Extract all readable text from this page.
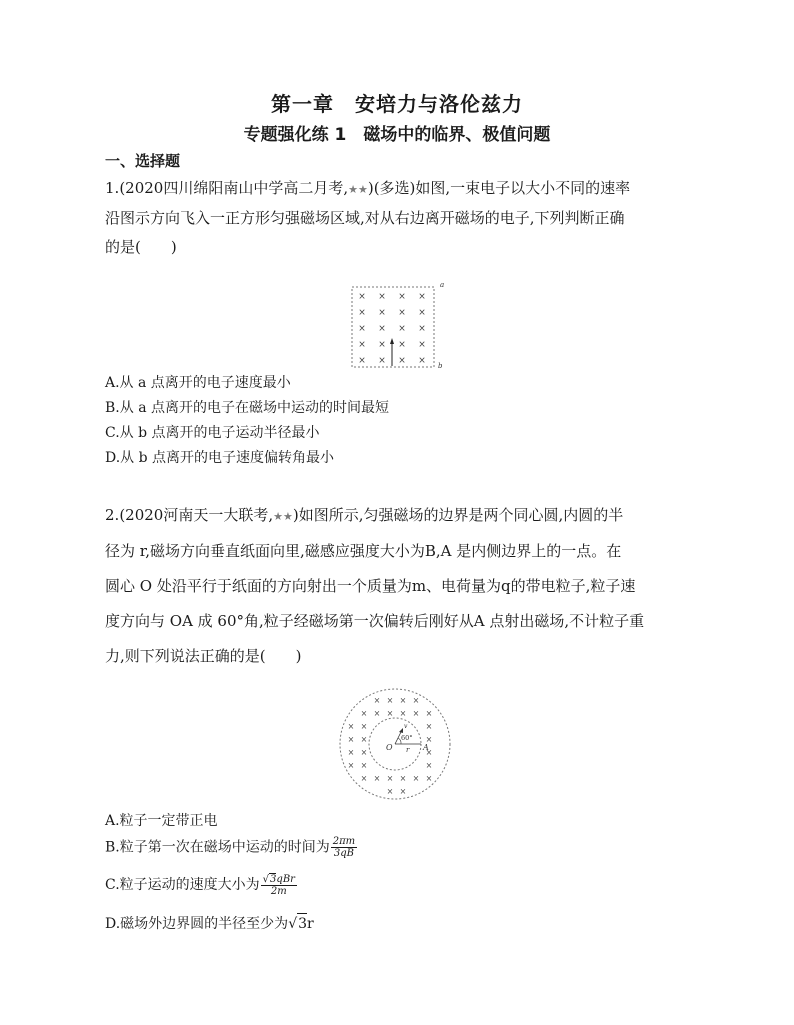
第一章　安培力与洛伦兹力
专题强化练 1　磁场中的临界、极值问题
一、选择题
1.(2020四川绵阳南山中学高二月考,★★)(多选)如图,一束电子以大小不同的速率
沿图示方向飞入一正方形匀强磁场区域,对从右边离开磁场的电子,下列判断正确
的是(　　)
× × × ×
× × × ×
× × × ×
× × × ×
× × × ×
a
b
A.从 a 点离开的电子速度最小
B.从 a 点离开的电子在磁场中运动的时间最短
C.从 b 点离开的电子运动半径最小
D.从 b 点离开的电子速度偏转角最小
2.(2020河南天一大联考,★★)如图所示,匀强磁场的边界是两个同心圆,内圆的半
径为 r,磁场方向垂直纸面向里,磁感应强度大小为B,A 是内侧边界上的一点。在
圆心 O 处沿平行于纸面的方向射出一个质量为m、电荷量为q的带电粒子,粒子速
度方向与 OA 成 60°角,粒子经磁场第一次偏转后刚好从A 点射出磁场,不计粒子重
力,则下列说法正确的是(　　)
× × × ×
× × × × × ×
× ×	×
× ×	×
× ×	×
× ×	×
× × × × × ×
× ×
O	A
r
v
60°
A.粒子一定带正电
B.粒子第一次在磁场中运动的时间为 $\frac{2\pi m}{3qB}$
C.粒子运动的速度大小为 $\frac{\text{√3qBr}}{2m}$
D.磁场外边界圆的半径至少为√3r
